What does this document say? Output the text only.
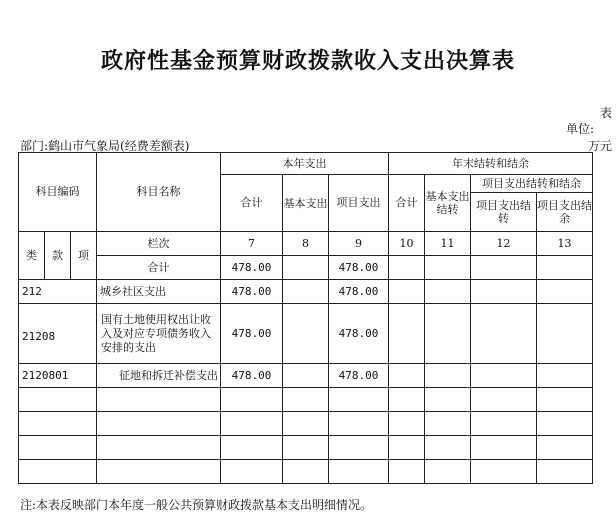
政府性基金预算财政拨款收入支出决算表
表
单位:
部门:鹤山市气象局(经费差额表)	万元
科目编码			科目名称	本年支出			年末结转和结余			
				合计	基本支出	项目支出	合计	基本支出结转	项目支出结转和结余	
									项目支出结转	项目支出结余

类	款	项	栏次	7	8	9	10	11	12	13
			合计	478.00		478.00				
212			城乡社区支出	478.00		478.00				
21208			国有土地使用权出让收入及对应专项债务收入安排的支出	478.00		478.00				
2120801			征地和拆迁补偿支出	478.00		478.00				

注:本表反映部门本年度一般公共预算财政拨款基本支出明细情况。
